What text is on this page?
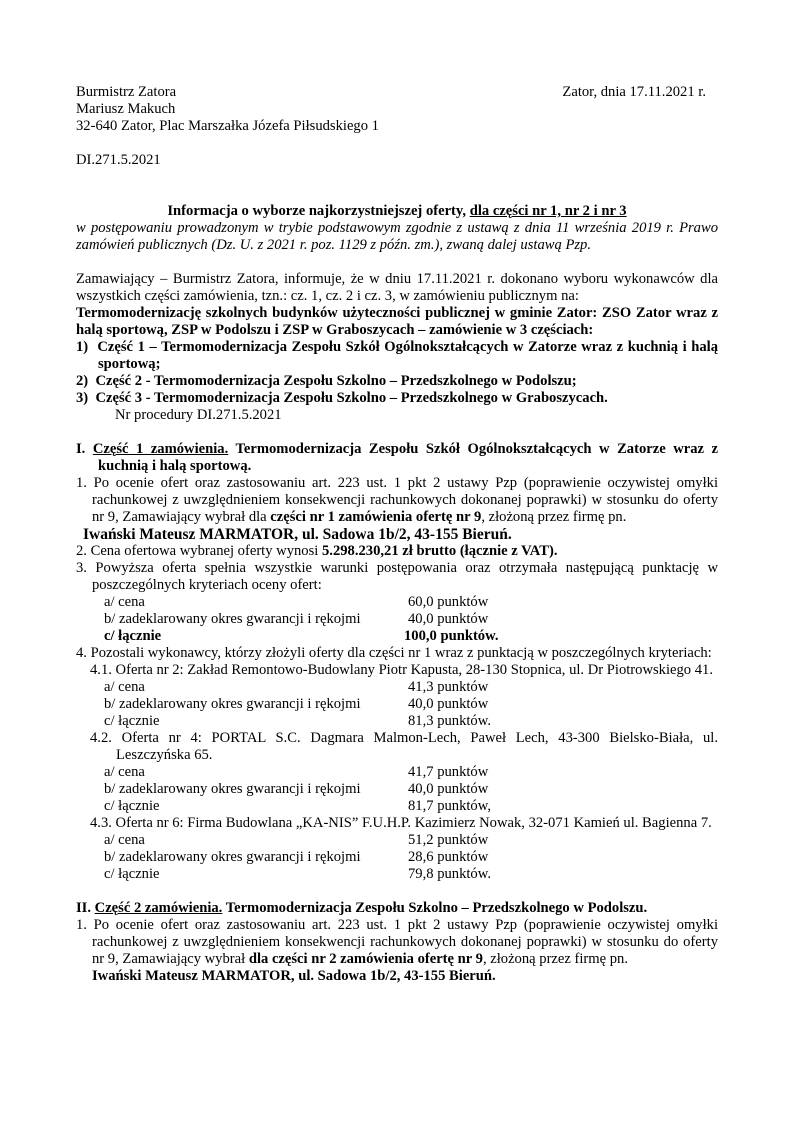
Burmistrz Zatora	Zator, dnia 17.11.2021 r.
Mariusz Makuch
32-640 Zator, Plac Marszałka Józefa Piłsudskiego 1
DI.271.5.2021
Informacja o wyborze najkorzystniejszej oferty, dla części nr 1, nr 2 i nr 3
w postępowaniu prowadzonym w trybie podstawowym zgodnie z ustawą z dnia 11 września 2019 r. Prawo zamówień publicznych (Dz. U. z 2021 r. poz. 1129 z późn. zm.), zwaną dalej ustawą Pzp.
Zamawiający – Burmistrz Zatora, informuje, że w dniu 17.11.2021 r. dokonano wyboru wykonawców dla wszystkich części zamówienia, tzn.: cz. 1, cz. 2 i cz. 3, w zamówieniu publicznym na:
Termomodernizację szkolnych budynków użyteczności publicznej w gminie Zator: ZSO Zator wraz z halą sportową, ZSP w Podolszu i ZSP w Graboszycach – zamówienie w 3 częściach:
1) Część 1 – Termomodernizacja Zespołu Szkół Ogólnokształcących w Zatorze wraz z kuchnią i halą sportową;
2) Część 2 - Termomodernizacja Zespołu Szkolno – Przedszkolnego w Podolszu;
3) Część 3 - Termomodernizacja Zespołu Szkolno – Przedszkolnego w Graboszycach.
Nr procedury DI.271.5.2021
I. Część 1 zamówienia. Termomodernizacja Zespołu Szkół Ogólnokształcących w Zatorze wraz z kuchnią i halą sportową.
1. Po ocenie ofert oraz zastosowaniu art. 223 ust. 1 pkt 2 ustawy Pzp (poprawienie oczywistej omyłki rachunkowej z uwzględnieniem konsekwencji rachunkowych dokonanej poprawki) w stosunku do oferty nr 9, Zamawiający wybrał dla części nr 1 zamówienia ofertę nr 9, złożoną przez firmę pn.
Iwański Mateusz MARMATOR, ul. Sadowa 1b/2, 43-155 Bieruń.
2. Cena ofertowa wybranej oferty wynosi 5.298.230,21 zł brutto (łącznie z VAT).
3. Powyższa oferta spełnia wszystkie warunki postępowania oraz otrzymała następującą punktację w poszczególnych kryteriach oceny ofert:
a/ cena	60,0 punktów
b/ zadeklarowany okres gwarancji i rękojmi	40,0 punktów
c/ łącznie	100,0 punktów.
4. Pozostali wykonawcy, którzy złożyli oferty dla części nr 1 wraz z punktacją w poszczególnych kryteriach:
4.1. Oferta nr 2: Zakład Remontowo-Budowlany Piotr Kapusta, 28-130 Stopnica, ul. Dr Piotrowskiego 41.
a/ cena	41,3 punktów
b/ zadeklarowany okres gwarancji i rękojmi	40,0 punktów
c/ łącznie	81,3 punktów.
4.2. Oferta nr 4: PORTAL S.C. Dagmara Malmon-Lech, Paweł Lech, 43-300 Bielsko-Biała, ul. Leszczyńska 65.
a/ cena	41,7 punktów
b/ zadeklarowany okres gwarancji i rękojmi	40,0 punktów
c/ łącznie	81,7 punktów,
4.3. Oferta nr 6: Firma Budowlana „KA-NIS” F.U.H.P. Kazimierz Nowak, 32-071 Kamień ul. Bagienna 7.
a/ cena	51,2 punktów
b/ zadeklarowany okres gwarancji i rękojmi	28,6 punktów
c/ łącznie	79,8 punktów.
II. Część 2 zamówienia. Termomodernizacja Zespołu Szkolno – Przedszkolnego w Podolszu.
1. Po ocenie ofert oraz zastosowaniu art. 223 ust. 1 pkt 2 ustawy Pzp (poprawienie oczywistej omyłki rachunkowej z uwzględnieniem konsekwencji rachunkowych dokonanej poprawki) w stosunku do oferty nr 9, Zamawiający wybrał dla części nr 2 zamówienia ofertę nr 9, złożoną przez firmę pn.
Iwański Mateusz MARMATOR, ul. Sadowa 1b/2, 43-155 Bieruń.
